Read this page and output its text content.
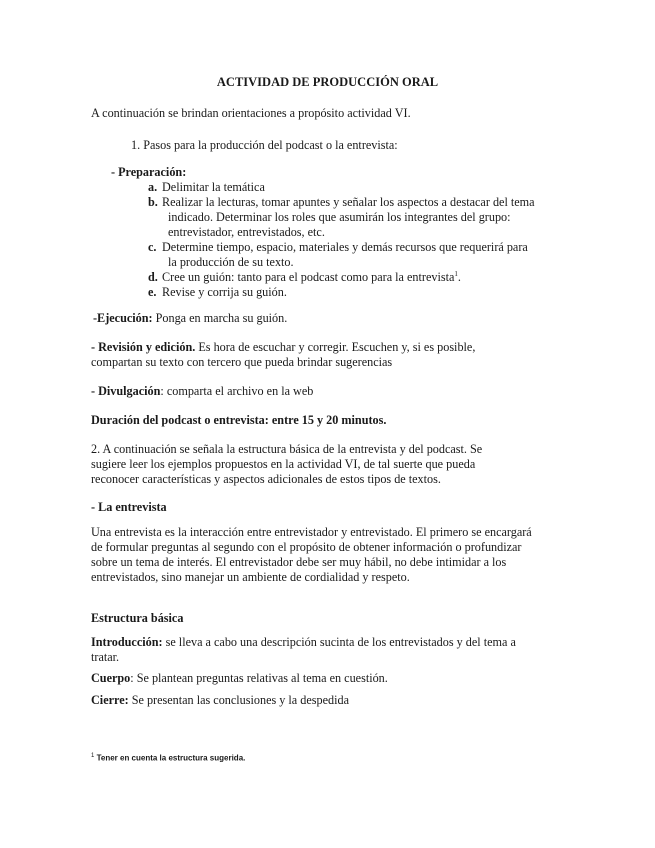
ACTIVIDAD DE PRODUCCIÓN ORAL
A continuación se brindan orientaciones a propósito actividad VI.
1. Pasos para la producción del podcast o la entrevista:
- Preparación:
a. Delimitar la temática
b. Realizar la lecturas, tomar apuntes y señalar los aspectos a destacar del tema
indicado. Determinar los roles que asumirán los integrantes del grupo: entrevistador, entrevistados, etc.
c. Determine tiempo, espacio, materiales y demás recursos que requerirá para
la producción de su texto.
d. Cree un guión: tanto para el podcast como para la entrevista$^1$.
e. Revise y corrija su guión.
-Ejecución: Ponga en marcha su guión.
- Revisión y edición. Es hora de escuchar y corregir. Escuchen y, si es posible, compartan su texto con tercero que pueda brindar sugerencias
- Divulgación: comparta el archivo en la web
Duración del podcast o entrevista: entre 15 y 20 minutos.
2. A continuación se señala la estructura básica de la entrevista y del podcast. Se sugiere leer los ejemplos propuestos en la actividad VI, de tal suerte que pueda reconocer características y aspectos adicionales de estos tipos de textos.
- La entrevista
Una entrevista es la interacción entre entrevistador y entrevistado. El primero se encargará de formular preguntas al segundo con el propósito de obtener información o profundizar sobre un tema de interés. El entrevistador debe ser muy hábil, no debe intimidar a los entrevistados, sino manejar un ambiente de cordialidad y respeto.
Estructura básica
Introducción: se lleva a cabo una descripción sucinta de los entrevistados y del tema a tratar.
Cuerpo: Se plantean preguntas relativas al tema en cuestión.
Cierre: Se presentan las conclusiones y la despedida
$^1$ Tener en cuenta la estructura sugerida.
